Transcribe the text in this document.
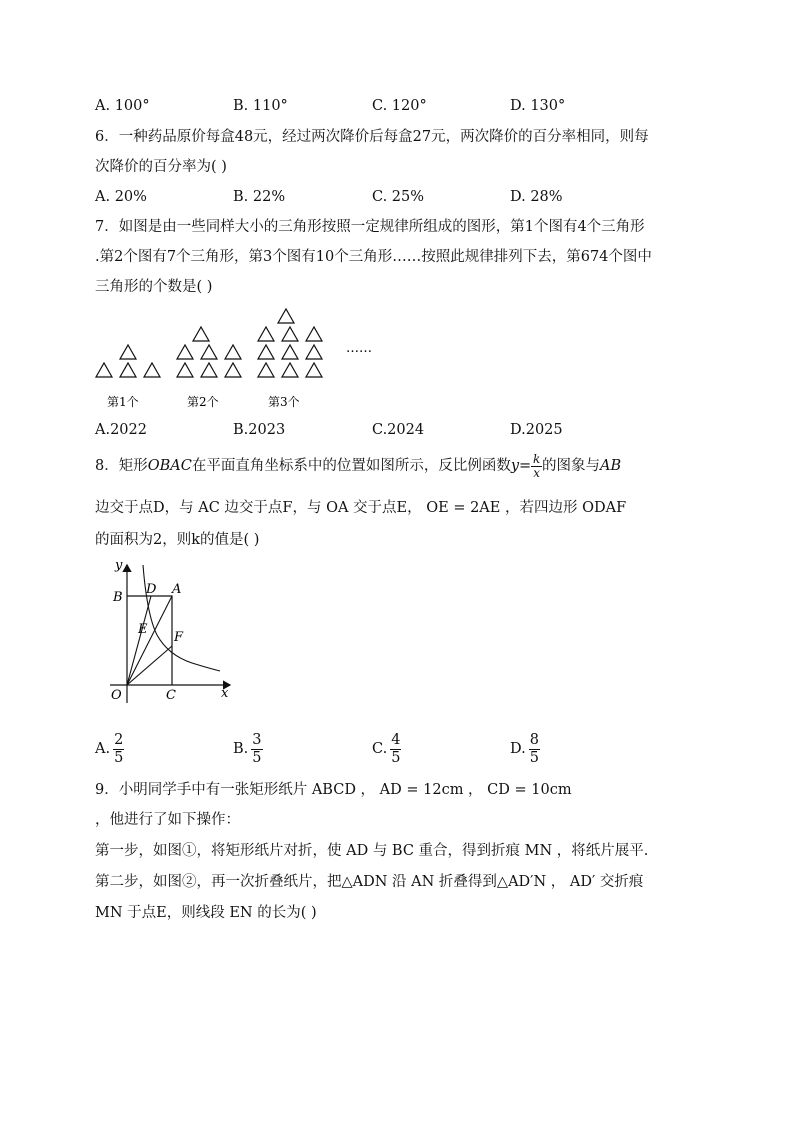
A. 100°	B. 110°	C. 120°	D. 130°
6．一种药品原价每盒48元，经过两次降价后每盒27元，两次降价的百分率相同，则每
次降价的百分率为( )
A. 20%	B. 22%	C. 25%	D. 28%
7．如图是由一些同样大小的三角形按照一定规律所组成的图形，第1个图有4个三角形
.第2个图有7个三角形，第3个图有10个三角形……按照此规律排列下去，第674个图中
三角形的个数是( )
……
第1个	第2个	第3个
A.2022	B.2023	C.2024	D.2025
8．矩形OBAC在平面直角坐标系中的位置如图所示，反比例函数$y= \frac{k}{x}$ 的图象与AB
边交于点D，与 AC 边交于点F，与 OA 交于点E， OE = 2AE ，若四边形 ODAF
的面积为2，则k的值是( )
y
B
D A
E
F
O	C	x
A. $\frac{2}{5}$	B. $\frac{3}{5}$	C. $\frac{4}{5}$	D. $\frac{8}{5}$
9．小明同学手中有一张矩形纸片 ABCD ， AD = 12cm ， CD = 10cm
，他进行了如下操作：
第一步，如图①，将矩形纸片对折，使 AD 与 BC 重合，得到折痕 MN ，将纸片展平.
第二步，如图②，再一次折叠纸片，把△ADN 沿 AN 折叠得到△AD′N ， AD′ 交折痕
MN 于点E，则线段 EN 的长为( )
